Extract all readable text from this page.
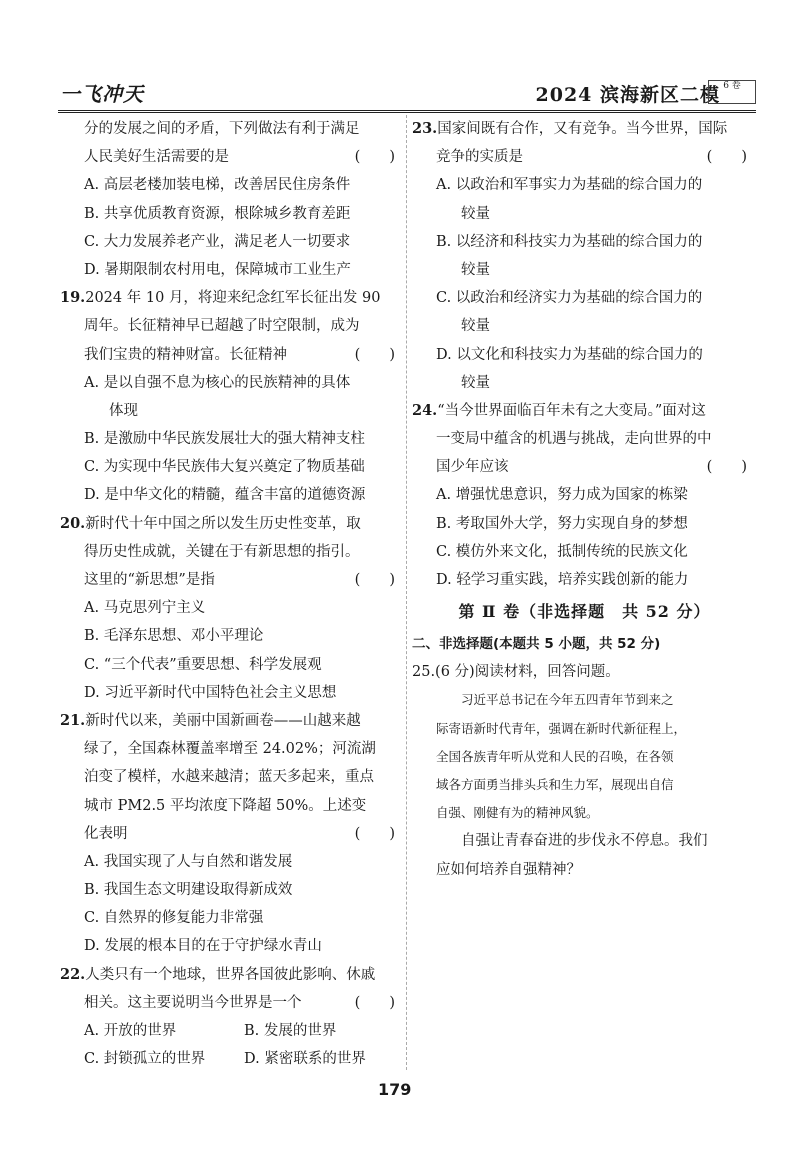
一飞冲天	2024 滨海新区二模 6 卷
分的发展之间的矛盾，下列做法有利于满足
人民美好生活需要的是	(　　)
A. 高层老楼加装电梯，改善居民住房条件
B. 共享优质教育资源，根除城乡教育差距
C. 大力发展养老产业，满足老人一切要求
D. 暑期限制农村用电，保障城市工业生产
19.2024 年 10 月，将迎来纪念红军长征出发 90
周年。长征精神早已超越了时空限制，成为
我们宝贵的精神财富。长征精神	(　　)
A. 是以自强不息为核心的民族精神的具体
体现
B. 是激励中华民族发展壮大的强大精神支柱
C. 为实现中华民族伟大复兴奠定了物质基础
D. 是中华文化的精髓，蕴含丰富的道德资源
20.新时代十年中国之所以发生历史性变革，取
得历史性成就，关键在于有新思想的指引。
这里的“新思想”是指	(　　)
A. 马克思列宁主义
B. 毛泽东思想、邓小平理论
C. “三个代表”重要思想、科学发展观
D. 习近平新时代中国特色社会主义思想
21.新时代以来，美丽中国新画卷——山越来越
绿了，全国森林覆盖率增至 24.02%；河流湖
泊变了模样，水越来越清；蓝天多起来，重点
城市 PM2.5 平均浓度下降超 50%。上述变
化表明	(　　)
A. 我国实现了人与自然和谐发展
B. 我国生态文明建设取得新成效
C. 自然界的修复能力非常强
D. 发展的根本目的在于守护绿水青山
22.人类只有一个地球，世界各国彼此影响、休戚
相关。这主要说明当今世界是一个	(　　)
A. 开放的世界	B. 发展的世界
C. 封锁孤立的世界	D. 紧密联系的世界
23.国家间既有合作，又有竞争。当今世界，国际
竞争的实质是	(　　)
A. 以政治和军事实力为基础的综合国力的
较量
B. 以经济和科技实力为基础的综合国力的
较量
C. 以政治和经济实力为基础的综合国力的
较量
D. 以文化和科技实力为基础的综合国力的
较量
24.“当今世界面临百年未有之大变局。”面对这
一变局中蕴含的机遇与挑战，走向世界的中
国少年应该	(　　)
A. 增强忧患意识，努力成为国家的栋梁
B. 考取国外大学，努力实现自身的梦想
C. 模仿外来文化，抵制传统的民族文化
D. 轻学习重实践，培养实践创新的能力
第 Ⅱ 卷（非选择题　共 52 分）
二、非选择题(本题共 5 小题，共 52 分)
25.(6 分)阅读材料，回答问题。
习近平总书记在今年五四青年节到来之
际寄语新时代青年，强调在新时代新征程上，
全国各族青年听从党和人民的召唤，在各领
域各方面勇当排头兵和生力军，展现出自信
自强、刚健有为的精神风貌。
自强让青春奋进的步伐永不停息。我们
应如何培养自强精神？
179
